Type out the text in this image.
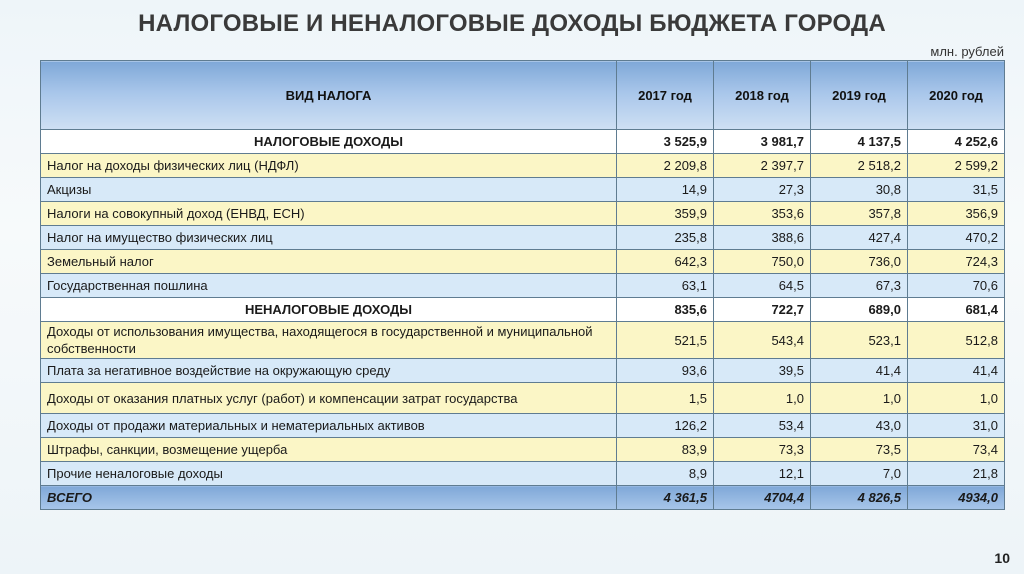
НАЛОГОВЫЕ И НЕНАЛОГОВЫЕ ДОХОДЫ БЮДЖЕТА ГОРОДА
млн. рублей
ВИД НАЛОГА	2017 год	2018 год	2019 год	2020 год
НАЛОГОВЫЕ ДОХОДЫ	3 525,9	3 981,7	4 137,5	4 252,6
Налог на доходы физических лиц (НДФЛ)	2 209,8	2 397,7	2 518,2	2 599,2
Акцизы	14,9	27,3	30,8	31,5
Налоги на совокупный доход (ЕНВД, ЕСН)	359,9	353,6	357,8	356,9
Налог на имущество физических лиц	235,8	388,6	427,4	470,2
Земельный налог	642,3	750,0	736,0	724,3
Государственная пошлина	63,1	64,5	67,3	70,6
НЕНАЛОГОВЫЕ ДОХОДЫ	835,6	722,7	689,0	681,4
Доходы от использования имущества, находящегося в государственной и муниципальной собственности	521,5	543,4	523,1	512,8
Плата за негативное воздействие на окружающую среду	93,6	39,5	41,4	41,4
Доходы от оказания платных услуг (работ) и компенсации затрат государства	1,5	1,0	1,0	1,0
Доходы от продажи материальных и нематериальных активов	126,2	53,4	43,0	31,0
Штрафы, санкции, возмещение ущерба	83,9	73,3	73,5	73,4
Прочие неналоговые доходы	8,9	12,1	7,0	21,8
ВСЕГО	4 361,5	4704,4	4 826,5	4934,0
10
